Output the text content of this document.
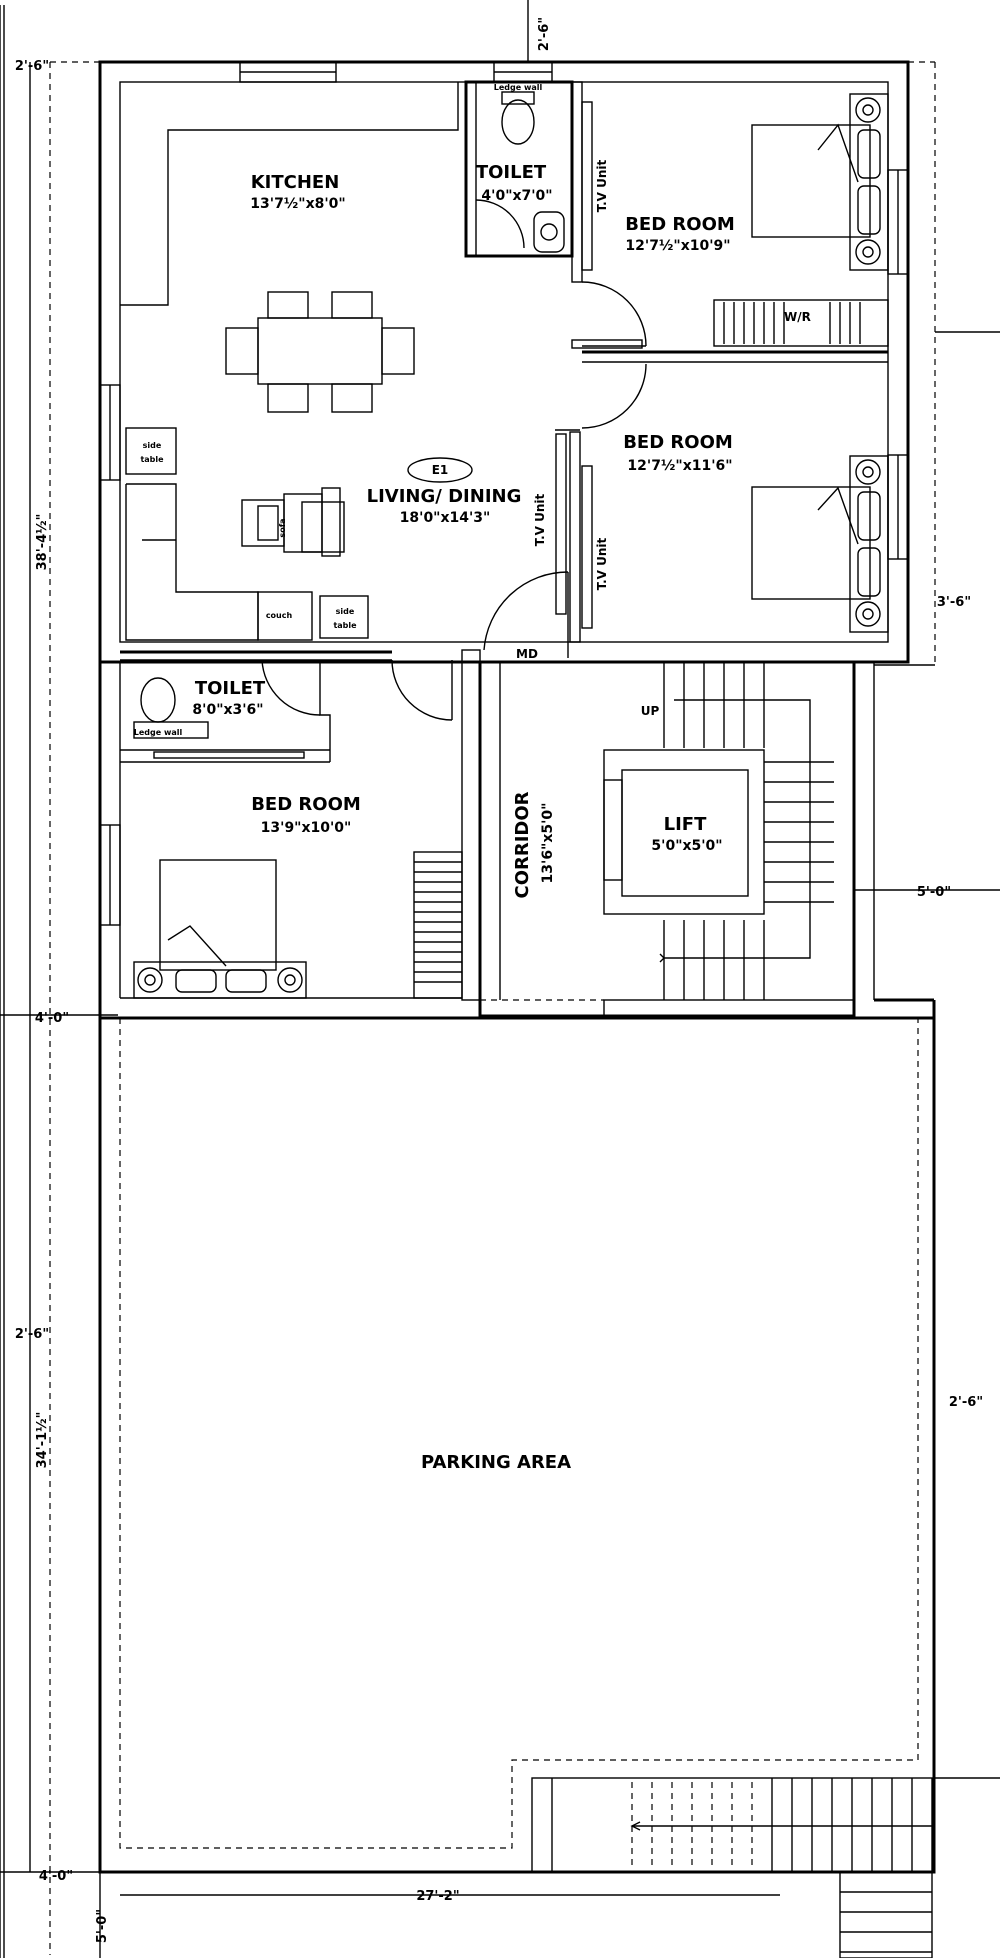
KITCHEN
13'7½"x8'0"
TOILET
4'0"x7'0"
Ledge wall
BED ROOM
12'7½"x10'9"
W/R
BED ROOM
12'7½"x11'6"
T.V Unit
T.V Unit
T.V Unit
E1
LIVING/ DINING
18'0"x14'3"
side
table
couch	side
table
sofa
MD
TOILET
8'0"x3'6"
Ledge wall
BED ROOM
13'9"x10'0"	CORRIDOR 13'6"x5'0"
UP
LIFT
5'0"x5'0"
PARKING AREA
2'-6"
2'-6"
38'-4½"
4'-0"
2'-6"
34'-1½"
4'-0"
5'-0"
27'-2"
3'-6"
5'-0"
2'-6"
